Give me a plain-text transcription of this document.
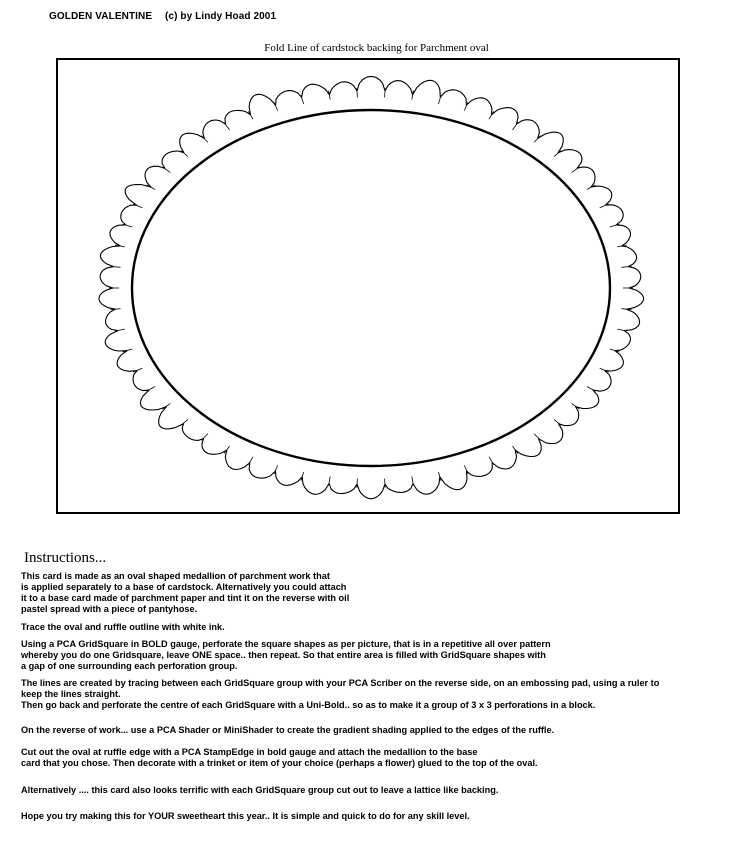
GOLDEN VALENTINE (c) by Lindy Hoad 2001
Fold Line of cardstock backing for Parchment oval
Instructions...
This card is made as an oval shaped medallion of parchment work that
is applied separately to a base of cardstock. Alternatively you could attach
it to a base card made of parchment paper and tint it on the reverse with oil
pastel spread with a piece of pantyhose.
Trace the oval and ruffle outline with white ink.
Using a PCA GridSquare in BOLD gauge, perforate the square shapes as per picture, that is in a repetitive all over pattern
whereby you do one Gridsquare, leave ONE space.. then repeat. So that entire area is filled with GridSquare shapes with
a gap of one surrounding each perforation group.
The lines are created by tracing between each GridSquare group with your PCA Scriber on the reverse side, on an embossing pad, using a ruler to
keep the lines straight.
Then go back and perforate the centre of each GridSquare with a Uni-Bold.. so as to make it a group of 3 x 3 perforations in a block.
On the reverse of work... use a PCA Shader or MiniShader to create the gradient shading applied to the edges of the ruffle.
Cut out the oval at ruffle edge with a PCA StampEdge in bold gauge and attach the medallion to the base
card that you chose. Then decorate with a trinket or item of your choice (perhaps a flower) glued to the top of the oval.
Alternatively .... this card also looks terrific with each GridSquare group cut out to leave a lattice like backing.
Hope you try making this for YOUR sweetheart this year.. It is simple and quick to do for any skill level.
